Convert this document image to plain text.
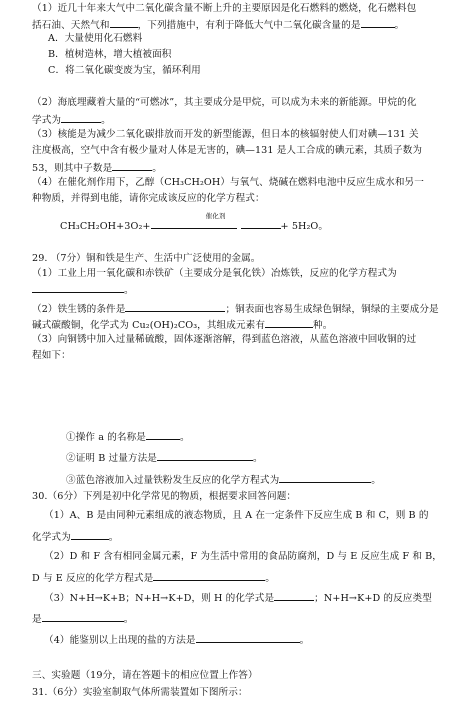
（1）近几十年来大气中二氧化碳含量不断上升的主要原因是化石燃料的燃烧，化石燃料包
括石油、天然气和	，下列措施中，有利于降低大气中二氧化碳含量的是	。
A．大量使用化石燃料
B．植树造林，增大植被面积
C．将二氧化碳变废为宝，循环利用
（2）海底埋藏着大量的“可燃冰”，其主要成分是甲烷，可以成为未来的新能源。甲烷的化
学式为	。
（3）核能是为减少二氧化碳排放而开发的新型能源，但日本的核辐射使人们对碘—131 关
注度极高，空气中含有极少量对人体是无害的，碘—131 是人工合成的碘元素，其质子数为
53，则其中子数是	。
（4）在催化剂作用下，乙醇（CH₃CH₂OH）与氧气、烧碱在燃料电池中反应生成水和另一
种物质，并得到电能，请你完成该反应的化学方程式：
CH₃CH₂OH+3O₂+
催化剂
+ 5H₂O。
29. （7分）铜和铁是生产、生活中广泛使用的金属。
（1）工业上用一氧化碳和赤铁矿（主要成分是氧化铁）冶炼铁，反应的化学方程式为
。
（2）铁生锈的条件是	；铜表面也容易生成绿色铜绿，铜绿的主要成分是
碱式碳酸铜，化学式为 Cu₂(OH)₂CO₃，其组成元素有	种。
（3）向铜锈中加入过量稀硫酸，固体逐渐溶解，得到蓝色溶液，从蓝色溶液中回收铜的过
程如下：
①操作 a 的名称是	。
②证明 B 过量方法是	。
③蓝色溶液加入过量铁粉发生反应的化学方程式为	。
30.（6分）下列是初中化学常见的物质，根据要求回答问题：
（1）A、B 是由同种元素组成的液态物质，且 A 在一定条件下反应生成 B 和 C，则 B 的
化学式为	。
（2）D 和 F 含有相同金属元素，F 为生活中常用的食品防腐剂，D 与 E 反应生成 F 和 B，
D 与 E 反应的化学方程式是	。
（3）N+H→K+B；N+H→K+D，则 H 的化学式是	；N+H→K+D 的反应类型
是	。
（4）能鉴别以上出现的盐的方法是	。
三、实验题（19分，请在答题卡的相应位置上作答）
31.（6分）实验室制取气体所需装置如下图所示：
